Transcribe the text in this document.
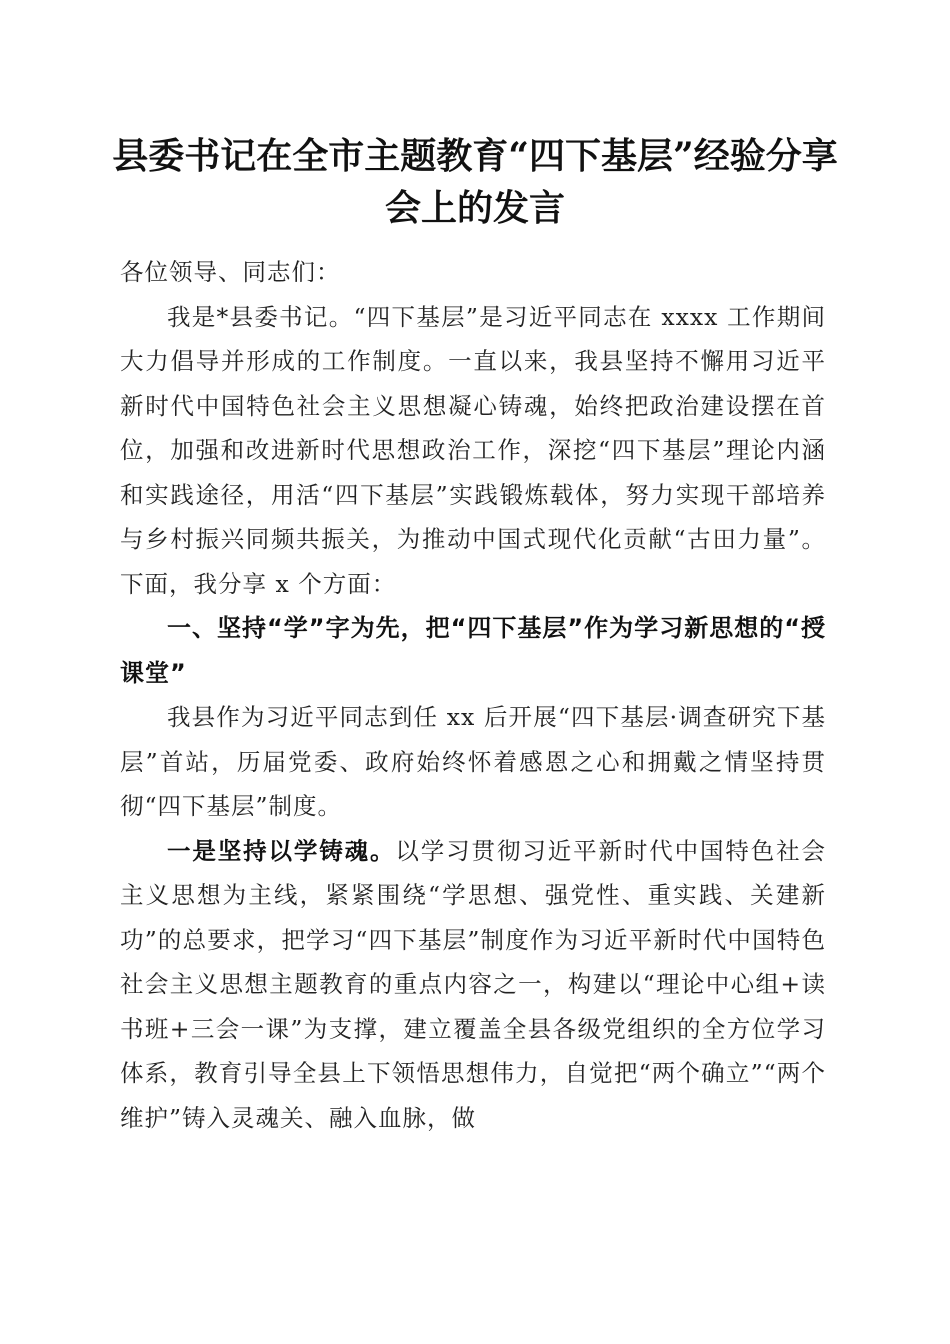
县委书记在全市主题教育“四下基层”经验分享会上的发言

各位领导、同志们：

我是*县委书记。“四下基层”是习近平同志在 xxxx 工作期间大力倡导并形成的工作制度。一直以来，我县坚持不懈用习近平新时代中国特色社会主义思想凝心铸魂，始终把政治建设摆在首位，加强和改进新时代思想政治工作，深挖“四下基层”理论内涵和实践途径，用活“四下基层”实践锻炼载体，努力实现干部培养与乡村振兴同频共振关，为推动中国式现代化贡献“古田力量”。下面，我分享 x 个方面：

一、坚持“学”字为先，把“四下基层”作为学习新思想的“授课堂”

我县作为习近平同志到任 xx 后开展“四下基层·调查研究下基层”首站，历届党委、政府始终怀着感恩之心和拥戴之情坚持贯彻“四下基层”制度。

一是坚持以学铸魂。以学习贯彻习近平新时代中国特色社会主义思想为主线，紧紧围绕“学思想、强党性、重实践、关建新功”的总要求，把学习“四下基层”制度作为习近平新时代中国特色社会主义思想主题教育的重点内容之一，构建以“理论中心组+读书班+三会一课”为支撑，建立覆盖全县各级党组织的全方位学习体系，教育引导全县上下领悟思想伟力，自觉把“两个确立”“两个维护”铸入灵魂关、融入血脉，做
